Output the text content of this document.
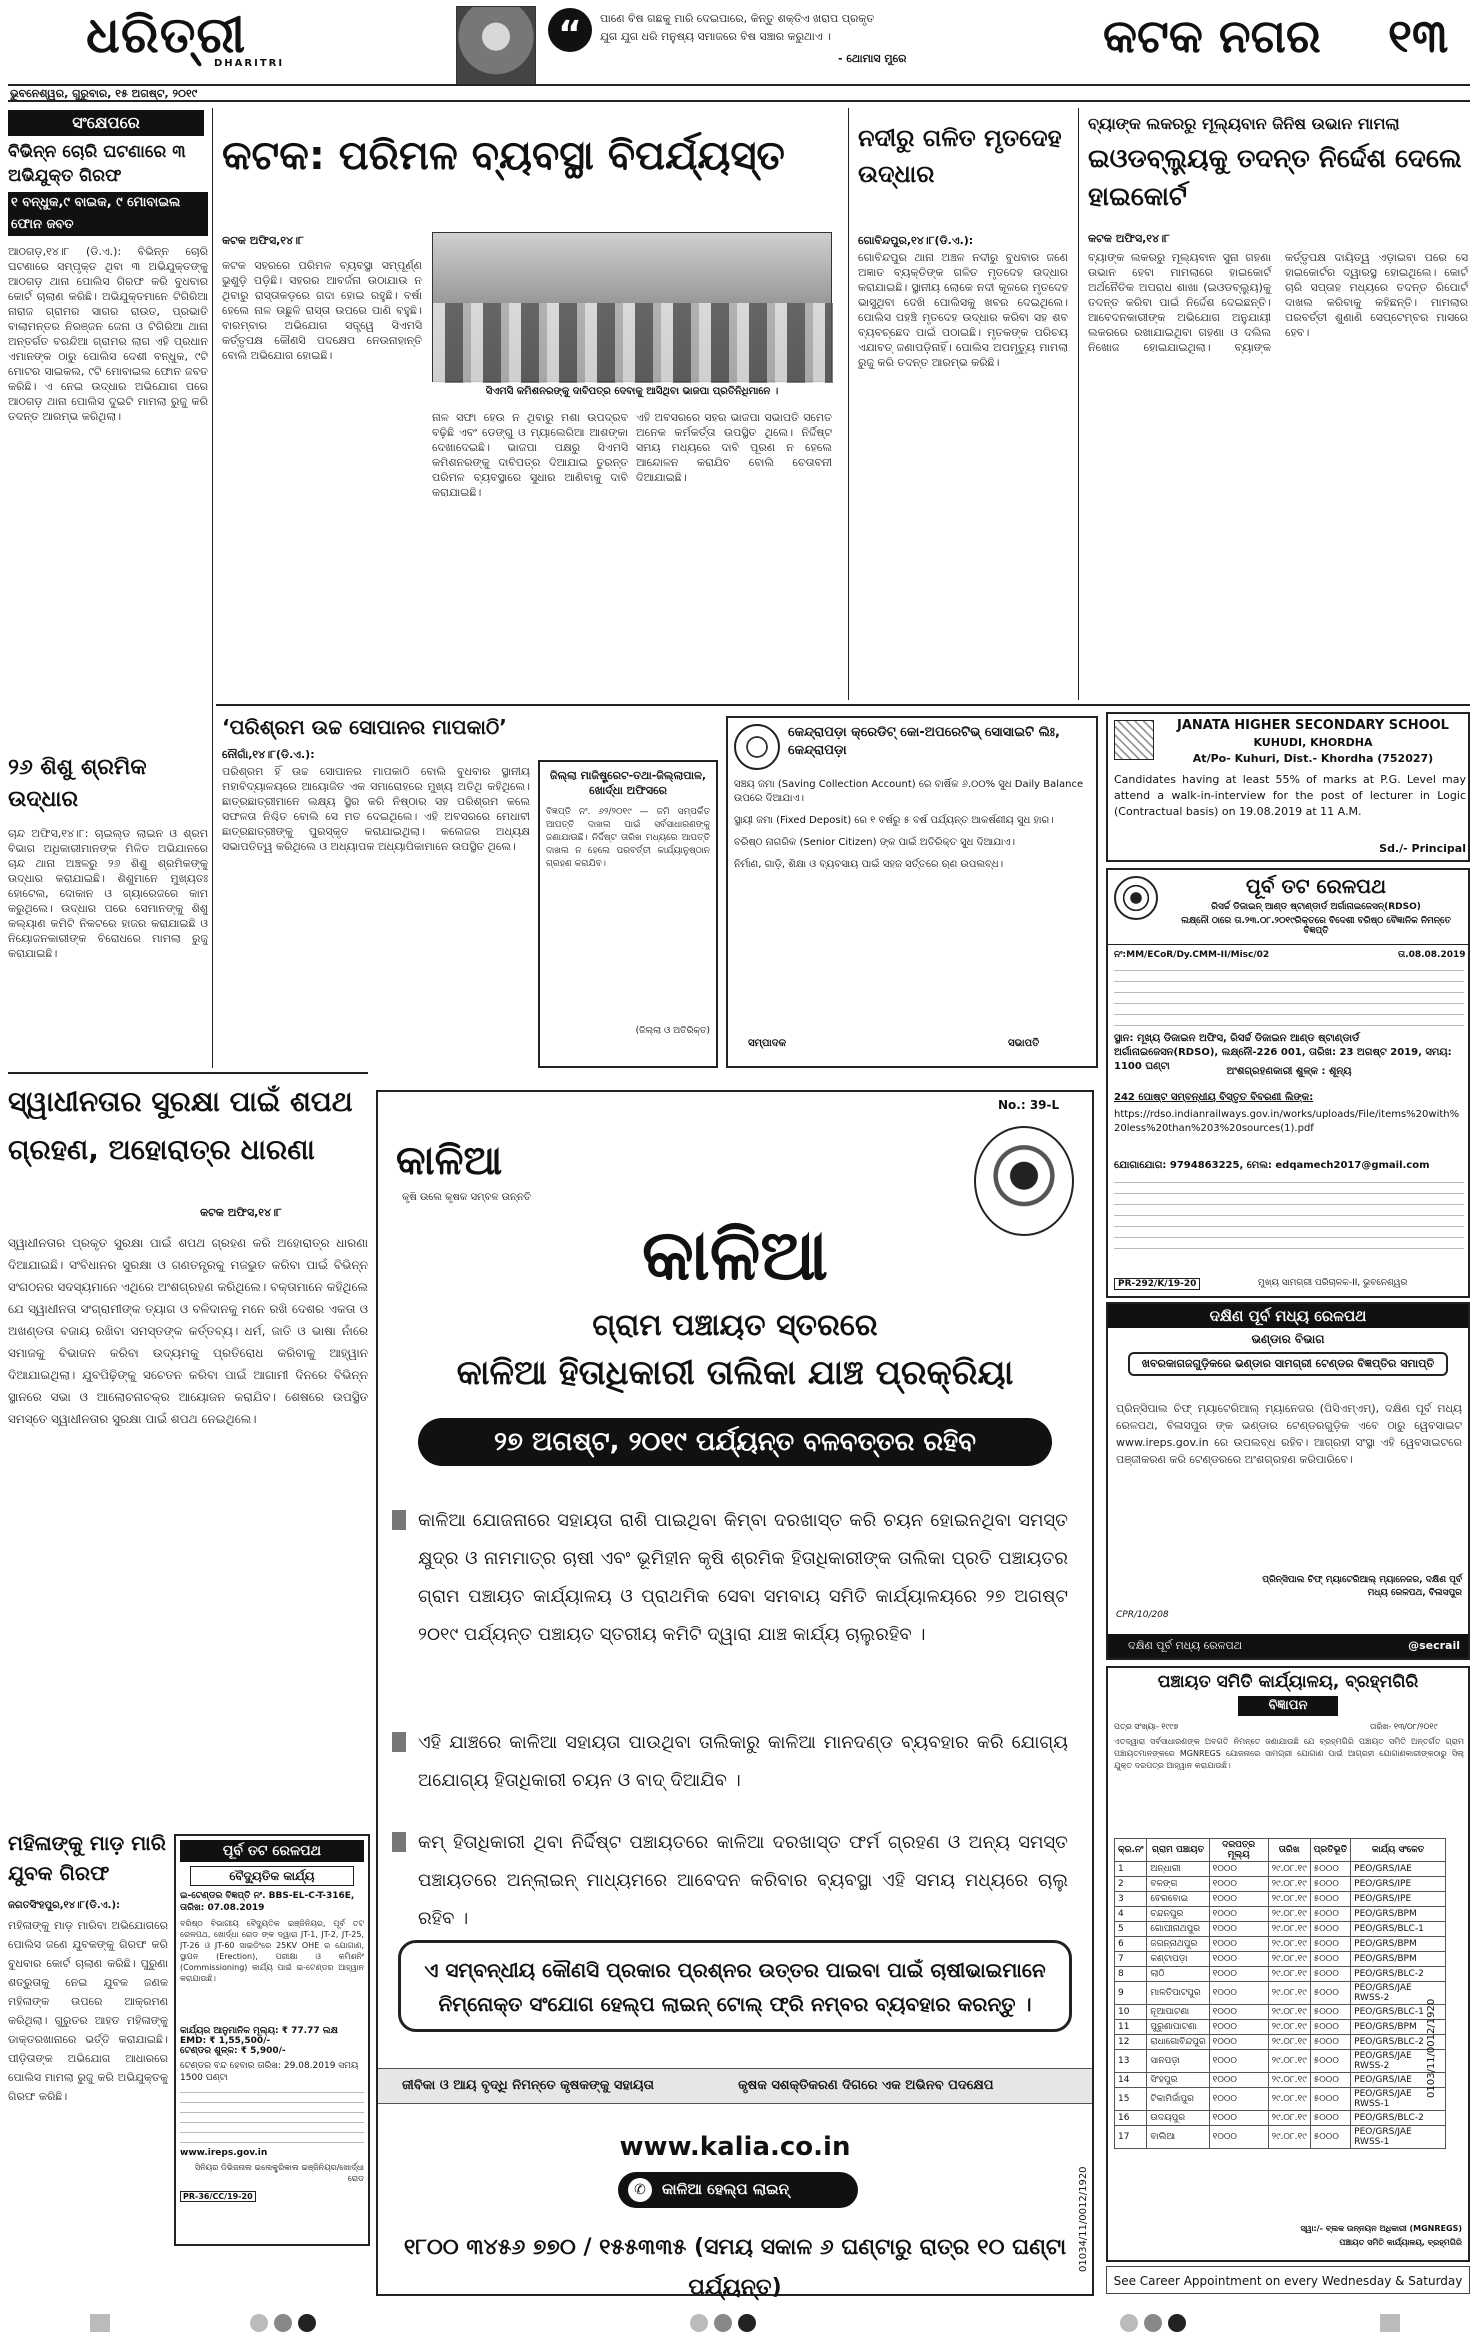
ଧରିତ୍ରୀ
DHARITRI
“	ପାଣେ ବିଷ ଗଛକୁ ମାରି ଦେଇପାରେ, କିନ୍ତୁ ଶକ୍ତିଏ ଖରାପ ପ୍ରକୃତ
ଯୁଗ ଯୁଗ ଧରି ମନୁଷ୍ୟ ସମାଜରେ ବିଷ ସଞ୍ଚାର କରୁଥାଏ ।
- ଥୋମାସ ମୁରେ	କଟକ ନଗର ୧୩
ଭୁବନେଶ୍ୱର, ଗୁରୁବାର, ୧୫ ଅଗଷ୍ଟ, ୨୦୧୯
ସଂକ୍ଷେପରେ
ବିଭିନ୍ନ ଚୋରି ଘଟଣାରେ ୩ ଅଭିଯୁକ୍ତ ଗିରଫ
୧ ବନ୍ଧୁକ,୯ ବାଇକ, ୯ ମୋବାଇଲ ଫୋନ ଜବତ
ଆଠଗଡ଼,୧୪।୮ (ଡି.ଏ.): ବିଭିନ୍ନ ଚୋରି ଘଟଣାରେ ସମ୍ପୃକ୍ତ ଥିବା ୩ ଅଭିଯୁକ୍ତଙ୍କୁ ଆଠଗଡ଼ ଥାନା ପୋଲିସ ଗିରଫ କରି ବୁଧବାର କୋର୍ଟ ଚାଲାଣ କରିଛି। ଅଭିଯୁକ୍ତମାନେ ଟିଗିରିଆ ନାରାଜ ଗ୍ରାମର ସାଗର ରାଉତ, ପ୍ରଭାତି ବାଲାମନ୍ତର ନିରଞ୍ଜନ ଜେନା ଓ ଟିଗିରିଆ ଥାନା ଅନ୍ତର୍ଗତ ବରନ୍ଦିଆ ଗ୍ରାମର ଲାଗ ଏହି ପ୍ରଧାନ ଏମାନଙ୍କ ଠାରୁ ପୋଲିସ ଦେଶୀ ବନ୍ଧୁକ, ୯ଟି ମୋଟର ସାଇକଲ, ୯ଟି ମୋବାଇଲ ଫୋନ ଜବତ କରିଛି। ଏ ନେଇ ଉଦ୍ଧାର ଅଭିଯୋଗ ପରେ ଆଠଗଡ଼ ଥାନା ପୋଲିସ ଦୁଇଟି ମାମଲା ରୁଜୁ କରି ତଦନ୍ତ ଆରମ୍ଭ କରିଥିଲା।
୨୬ ଶିଶୁ ଶ୍ରମିକ ଉଦ୍ଧାର
ଚାନ୍ଦ ଅଫିସ,୧୪।୮: ଚାଇଲ୍ଡ ଲାଇନ ଓ ଶ୍ରମ ବିଭାଗ ଅଧିକାରୀମାନଙ୍କ ମିଳିତ ଅଭିଯାନରେ ଚାନ୍ଦ ଥାନା ଅଞ୍ଚଳରୁ ୨୬ ଶିଶୁ ଶ୍ରମିକଙ୍କୁ ଉଦ୍ଧାର କରାଯାଇଛି। ଶିଶୁମାନେ ମୁଖ୍ୟତଃ ହୋଟେଲ, ଦୋକାନ ଓ ଗ୍ୟାରେଜରେ କାମ କରୁଥିଲେ। ଉଦ୍ଧାର ପରେ ସେମାନଙ୍କୁ ଶିଶୁ କଲ୍ୟାଣ କମିଟି ନିକଟରେ ହାଜର କରାଯାଇଛି ଓ ନିୟୋଜନକାରୀଙ୍କ ବିରୋଧରେ ମାମଲା ରୁଜୁ କରାଯାଇଛି।
କଟକ: ପରିମଳ ବ୍ୟବସ୍ଥା ବିପର୍ଯ୍ୟସ୍ତ
କଟକ ଅଫିସ,୧୪।୮
ସିଏମସି କମିଶନରଙ୍କୁ ଦାବିପତ୍ର ଦେବାକୁ ଆସିଥିବା ଭାଜପା ପ୍ରତିନିଧିମାନେ ।
କଟକ ସହରରେ ପରିମଳ ବ୍ୟବସ୍ଥା ସମ୍ପୂର୍ଣ୍ଣ ଭୁଶୁଡ଼ି ପଡ଼ିଛି। ସହରର ଆବର୍ଜନା ଉଠାଯାଉ ନ ଥିବାରୁ ରାସ୍ତାକଡ଼ରେ ଗଦା ହୋଇ ରହୁଛି। ବର୍ଷା ହେଲେ ନାଳ ଉଛୁଳି ରାସ୍ତା ଉପରେ ପାଣି ବହୁଛି। ବାରମ୍ବାର ଅଭିଯୋଗ ସତ୍ତ୍ୱେ ସିଏମସି କର୍ତ୍ତୃପକ୍ଷ କୌଣସି ପଦକ୍ଷେପ ନେଉନାହାନ୍ତି ବୋଲି ଅଭିଯୋଗ ହୋଇଛି।
ନାଳ ସଫା ହେଉ ନ ଥିବାରୁ ମଶା ଉପଦ୍ରବ ବଢ଼ିଛି ଏବଂ ଡେଙ୍ଗୁ ଓ ମ୍ୟାଲେରିଆ ଆଶଙ୍କା ଦେଖାଦେଇଛି। ଭାଜପା ପକ୍ଷରୁ ସିଏମସି କମିଶନରଙ୍କୁ ଦାବିପତ୍ର ଦିଆଯାଇ ତୁରନ୍ତ ପରିମଳ ବ୍ୟବସ୍ଥାରେ ସୁଧାର ଆଣିବାକୁ ଦାବି କରାଯାଇଛି।
ଏହି ଅବସରରେ ସହର ଭାଜପା ସଭାପତି ସମେତ ଅନେକ କର୍ମକର୍ତ୍ତା ଉପସ୍ଥିତ ଥିଲେ। ନିର୍ଦ୍ଦିଷ୍ଟ ସମୟ ମଧ୍ୟରେ ଦାବି ପୂରଣ ନ ହେଲେ ଆନ୍ଦୋଳନ କରାଯିବ ବୋଲି ଚେତାବନୀ ଦିଆଯାଇଛି।
ନଦୀରୁ ଗଳିତ ମୃତଦେହ ଉଦ୍ଧାର
ଗୋବିନ୍ଦପୁର,୧୪।୮(ଡି.ଏ.):
ଗୋବିନ୍ଦପୁର ଥାନା ଅଞ୍ଚଳ ନଦୀରୁ ବୁଧବାର ଜଣେ ଅଜ୍ଞାତ ବ୍ୟକ୍ତିଙ୍କ ଗଳିତ ମୃତଦେହ ଉଦ୍ଧାର କରାଯାଇଛି। ସ୍ଥାନୀୟ ଲୋକେ ନଦୀ କୂଳରେ ମୃତଦେହ ଭାସୁଥିବା ଦେଖି ପୋଲିସକୁ ଖବର ଦେଇଥିଲେ। ପୋଲିସ ପହଞ୍ଚି ମୃତଦେହ ଉଦ୍ଧାର କରିବା ସହ ଶବ ବ୍ୟବଚ୍ଛେଦ ପାଇଁ ପଠାଇଛି। ମୃତକଙ୍କ ପରିଚୟ ଏଯାବତ୍ ଜଣାପଡ଼ିନାହିଁ। ପୋଲିସ ଅପମୃତ୍ୟୁ ମାମଲା ରୁଜୁ କରି ତଦନ୍ତ ଆରମ୍ଭ କରିଛି।
ବ୍ୟାଙ୍କ ଲକରରୁ ମୂଲ୍ୟବାନ ଜିନିଷ ଉଭାନ ମାମଲା
ଇଓଡବ୍ଲ୍ୟୁକୁ ତଦନ୍ତ ନିର୍ଦ୍ଦେଶ ଦେଲେ ହାଇକୋର୍ଟ
କଟକ ଅଫିସ,୧୪।୮
ବ୍ୟାଙ୍କ ଲକରରୁ ମୂଲ୍ୟବାନ ସୁନା ଗହଣା ଉଭାନ ହେବା ମାମଲାରେ ହାଇକୋର୍ଟ ଅର୍ଥନୈତିକ ଅପରାଧ ଶାଖା (ଇଓଡବ୍ଲ୍ୟୁ)କୁ ତଦନ୍ତ କରିବା ପାଇଁ ନିର୍ଦ୍ଦେଶ ଦେଇଛନ୍ତି। ଆବେଦନକାରୀଙ୍କ ଅଭିଯୋଗ ଅନୁଯାୟୀ ଲକରରେ ରଖାଯାଇଥିବା ଗହଣା ଓ ଦଲିଲ ନିଖୋଜ ହୋଇଯାଇଥିଲା। ବ୍ୟାଙ୍କ କର୍ତ୍ତୃପକ୍ଷ ଦାୟିତ୍ୱ ଏଡ଼ାଇବା ପରେ ସେ ହାଇକୋର୍ଟର ଦ୍ୱାରସ୍ଥ ହୋଇଥିଲେ। କୋର୍ଟ ଚାରି ସପ୍ତାହ ମଧ୍ୟରେ ତଦନ୍ତ ରିପୋର୍ଟ ଦାଖଲ କରିବାକୁ କହିଛନ୍ତି। ମାମଲାର ପରବର୍ତ୍ତୀ ଶୁଣାଣି ସେପ୍ଟେମ୍ବର ମାସରେ ହେବ।
‘ପରିଶ୍ରମ ଉଚ୍ଚ ସୋପାନର ମାପକାଠି’
ନୌଗାଁ,୧୪।୮(ଡି.ଏ.):
ପରିଶ୍ରମ ହିଁ ଉଚ୍ଚ ସୋପାନର ମାପକାଠି ବୋଲି ବୁଧବାର ସ୍ଥାନୀୟ ମହାବିଦ୍ୟାଳୟରେ ଆୟୋଜିତ ଏକ ସମାରୋହରେ ମୁଖ୍ୟ ଅତିଥି କହିଥିଲେ। ଛାତ୍ରଛାତ୍ରୀମାନେ ଲକ୍ଷ୍ୟ ସ୍ଥିର କରି ନିଷ୍ଠାର ସହ ପରିଶ୍ରମ କଲେ ସଫଳତା ନିଶ୍ଚିତ ବୋଲି ସେ ମତ ଦେଇଥିଲେ। ଏହି ଅବସରରେ ମେଧାବୀ ଛାତ୍ରଛାତ୍ରୀଙ୍କୁ ପୁରସ୍କୃତ କରାଯାଇଥିଲା। କଲେଜର ଅଧ୍ୟକ୍ଷ ସଭାପତିତ୍ୱ କରିଥିଲେ ଓ ଅଧ୍ୟାପକ ଅଧ୍ୟାପିକାମାନେ ଉପସ୍ଥିତ ଥିଲେ।
ଜିଲ୍ଲା ମାଜିଷ୍ଟ୍ରେଟ-ତଥା-ଜିଲ୍ଲାପାଳ, ଖୋର୍ଦ୍ଧା ଅଫିସରେ
ବିଜ୍ଞପ୍ତି ନଂ. ୬୨/୨୦୧୯ — ଜମି ସମ୍ପର୍କିତ ଆପତ୍ତି ଦାଖଲ ପାଇଁ ସର୍ବସାଧାରଣଙ୍କୁ ଜଣାଯାଉଛି। ନିର୍ଦ୍ଦିଷ୍ଟ ତାରିଖ ମଧ୍ୟରେ ଆପତ୍ତି ଦାଖଲ ନ ହେଲେ ପରବର୍ତ୍ତୀ କାର୍ଯ୍ୟାନୁଷ୍ଠାନ ଗ୍ରହଣ କରାଯିବ।
(ଜିଲ୍ଲା ଓ ଅତିରିକ୍ତ)
କେନ୍ଦ୍ରାପଡ଼ା କ୍ରେଡିଟ୍ କୋ-ଅପରେଟିଭ୍ ସୋସାଇଟି ଲିଃ, କେନ୍ଦ୍ରାପଡ଼ା
ସଞ୍ଚୟ ଜମା (Saving Collection Account) ରେ ବାର୍ଷିକ ୬.୦୦% ସୁଧ Daily Balance ଉପରେ ଦିଆଯାଏ।
ସ୍ଥାୟୀ ଜମା (Fixed Deposit) ରେ ୧ ବର୍ଷରୁ ୫ ବର୍ଷ ପର୍ଯ୍ୟନ୍ତ ଆକର୍ଷଣୀୟ ସୁଧ ହାର।
ବରିଷ୍ଠ ନାଗରିକ (Senior Citizen) ଙ୍କ ପାଇଁ ଅତିରିକ୍ତ ସୁଧ ଦିଆଯାଏ।
ନିର୍ମାଣ, ଗାଡ଼ି, ଶିକ୍ଷା ଓ ବ୍ୟବସାୟ ପାଇଁ ସହଜ ସର୍ତ୍ତରେ ଋଣ ଉପଲବ୍ଧ।
ସମ୍ପାଦକ	ସଭାପତି
JANATA HIGHER SECONDARY SCHOOL
KUHUDI, KHORDHA
At/Po- Kuhuri, Dist.- Khordha (752027)
Candidates having at least 55% of marks at P.G. Level may attend a walk-in-interview for the post of lecturer in Logic (Contractual basis) on 19.08.2019 at 11 A.M.
Sd./- Principal
ପୂର୍ବ ତଟ ରେଳପଥ
ରିସର୍ଚ୍ଚ ଡିଜାଇନ୍ ଆଣ୍ଡ ଷ୍ଟାଣ୍ଡାର୍ଡ ଅର୍ଗାନାଇଜେସନ୍(RDSO)
ଲକ୍ଷ୍ନୌ ଠାରେ ତା.୨୩.୦୮.୨୦୧୯ରିକ୍ତରେ ବିଦେଶୀ ବରିଷ୍ଠ ବୈଜ୍ଞାନିକ ନିମନ୍ତେ ବିଜ୍ଞପ୍ତି
ନଂ:MM/ECoR/Dy.CMM-II/Misc/02	ତା.08.08.2019
ସ୍ଥାନ: ମୂଖ୍ୟ ଡିଜାଇନ ଅଫିସ, ରିସର୍ଚ୍ଚ ଡିଜାଇନ ଆଣ୍ଡ ଷ୍ଟାଣ୍ଡାର୍ଡ ଅର୍ଗାନାଇଜେସନ(RDSO), ଲକ୍ଷ୍ନୌ-226 001, ତାରିଖ: 23 ଅଗଷ୍ଟ 2019, ସମୟ: 1100 ଘଣ୍ଟା	ଅଂଶଗ୍ରହଣକାରୀ ଶୁଳ୍କ : ଶୂନ୍ୟ
242 ପୋଷ୍ଟ ସମ୍ବନ୍ଧୀୟ ବିସ୍ତୃତ ବିବରଣୀ ଲିଙ୍କ:
https://rdso.indianrailways.gov.in/works/uploads/File/items%20with%20less%20than%203%20sources(1).pdf
ଯୋଗାଯୋଗ: 9794863225, ମେଲ: edqamech2017@gmail.com
PR-292/K/19-20	ମୁଖ୍ୟ ସାମଗ୍ରୀ ପରିଚାଳକ-II, ଭୁବନେଶ୍ୱର
ଦକ୍ଷିଣ ପୂର୍ବ ମଧ୍ୟ ରେଳପଥ
ଭଣ୍ଡାର ବିଭାଗ
ଖବରକାଗଜଗୁଡ଼ିକରେ ଭଣ୍ଡାର ସାମଗ୍ରୀ ଟେଣ୍ଡର ବିଜ୍ଞପ୍ତିର ସମାପ୍ତି
ପ୍ରିନ୍ସିପାଲ ଚିଫ୍ ମ୍ୟାଟେରିଆଲ୍ ମ୍ୟାନେଜର (ପିସିଏମ୍ଏମ୍), ଦକ୍ଷିଣ ପୂର୍ବ ମଧ୍ୟ ରେଳପଥ, ବିଳାସପୁର ଙ୍କ ଭଣ୍ଡାର ଟେଣ୍ଡରଗୁଡ଼ିକ ଏବେ ଠାରୁ ୱେବସାଇଟ www.ireps.gov.in ରେ ଉପଲବ୍ଧ ରହିବ। ଆଗ୍ରହୀ ସଂସ୍ଥା ଏହି ୱେବସାଇଟରେ ପଞ୍ଜୀକରଣ କରି ଟେଣ୍ଡରରେ ଅଂଶଗ୍ରହଣ କରିପାରିବେ।
ପ୍ରିନ୍ସିପାଲ ଚିଫ୍ ମ୍ୟାଟେରିଆଲ୍ ମ୍ୟାନେଜର, ଦକ୍ଷିଣ ପୂର୍ବ ମଧ୍ୟ ରେଳପଥ, ବିଳାସପୁର
CPR/10/208
ଦକ୍ଷିଣ ପୂର୍ବ ମଧ୍ୟ ରେଳପଥ	@secrail
ପଞ୍ଚାୟତ ସମିତି କାର୍ଯ୍ୟାଳୟ, ବ୍ରହ୍ମଗିରି
ବିଜ୍ଞାପନ
ପତ୍ର ସଂଖ୍ୟା- ୧୯୯୭	ତାରିଖ- ୧୩/୦୮/୨୦୧୯
ଏତଦ୍ୱାରା ସର୍ବସାଧାରଣଙ୍କ ଅବଗତି ନିମନ୍ତେ ଜଣାଯାଉଛି ଯେ ବ୍ରହ୍ମଗିରି ପଞ୍ଚାୟତ ସମିତି ଅନ୍ତର୍ଗତ ଗ୍ରାମ ପଞ୍ଚାୟତମାନଙ୍କରେ MGNREGS ଯୋଜନାରେ ସାମଗ୍ରୀ ଯୋଗାଣ ପାଇଁ ଆଗ୍ରହୀ ଯୋଗାଣକାରୀଙ୍କଠାରୁ ସିଲ୍ ଯୁକ୍ତ ଦରପତ୍ର ଆହ୍ୱାନ କରାଯାଉଛି।
କ୍ର.ନଂ	ଗ୍ରାମ ପଞ୍ଚାୟତ	ଦରପତ୍ର ମୂଲ୍ୟ	ତାରିଖ	ପ୍ରତିଭୂତି	କାର୍ଯ୍ୟ ସଂକେତ
1	ଅନ୍ଧାରୀ	୧୦୦୦	୨୯.୦୮.୧୯	୫୦୦୦	PEO/GRS/IAE
2	ବଳଙ୍ଗ	୧୦୦୦	୨୯.୦୮.୧୯	୫୦୦୦	PEO/GRS/IPE
3	ବେରବୋଇ	୧୦୦୦	୨୯.୦୮.୧୯	୫୦୦୦	PEO/GRS/IPE
4	ଚନ୍ଦନପୁର	୧୦୦୦	୨୯.୦୮.୧୯	୫୦୦୦	PEO/GRS/BPM
5	ଗୋପୀନାଥପୁର	୧୦୦୦	୨୯.୦୮.୧୯	୫୦୦୦	PEO/GRS/BLC-1
6	ଜଗନ୍ନାଥପୁର	୧୦୦୦	୨୯.୦୮.୧୯	୫୦୦୦	PEO/GRS/BPM
7	କଣ୍ଟାପଡ଼ା	୧୦୦୦	୨୯.୦୮.୧୯	୫୦୦୦	PEO/GRS/BPM
8	ଲାଠି	୧୦୦୦	୨୯.୦୮.୧୯	୫୦୦୦	PEO/GRS/BLC-2
9	ମାଳତିପାଟପୁର	୧୦୦୦	୨୯.୦୮.୧୯	୫୦୦୦	PEO/GRS/JAE RWSS-2
10	ନୂଆପାଟଣା	୧୦୦୦	୨୯.୦୮.୧୯	୫୦୦୦	PEO/GRS/BLC-1
11	ପୁରୁଣାପାଟଣା	୧୦୦୦	୨୯.୦୮.୧୯	୫୦୦୦	PEO/GRS/BPM
12	ରାଧାଗୋବିନ୍ଦପୁର	୧୦୦୦	୨୯.୦୮.୧୯	୫୦୦୦	PEO/GRS/BLC-2
13	ସାନପଡ଼ା	୧୦୦୦	୨୯.୦୮.୧୯	୫୦୦୦	PEO/GRS/JAE RWSS-2
14	ସିଂହପୁର	୧୦୦୦	୨୯.୦୮.୧୯	୫୦୦୦	PEO/GRS/IAE
15	ଟିକାମିର୍ଜାପୁର	୧୦୦୦	୨୯.୦୮.୧୯	୫୦୦୦	PEO/GRS/JAE RWSS-1
16	ଉଦୟପୁର	୧୦୦୦	୨୯.୦୮.୧୯	୫୦୦୦	PEO/GRS/BLC-2
17	ବାଲିଆ	୧୦୦୦	୨୯.୦୮.୧୯	୫୦୦୦	PEO/GRS/JAE RWSS-1
0103/11/0012/1920
ସ୍ୱା:/- ବ୍ଲକ ଉନ୍ନୟନ ଅଧିକାରୀ (MGNREGS)
ପଞ୍ଚାୟତ ସମିତି କାର୍ଯ୍ୟାଳୟ, ବ୍ରହ୍ମଗିରି
See Career Appointment on every Wednesday & Saturday
ସ୍ୱାଧୀନତାର ସୁରକ୍ଷା ପାଇଁ ଶପଥ
ଗ୍ରହଣ, ଅହୋରାତ୍ର ଧାରଣା
କଟକ ଅଫିସ,୧୪।୮
ସ୍ୱାଧୀନତାର ପ୍ରକୃତ ସୁରକ୍ଷା ପାଇଁ ଶପଥ ଗ୍ରହଣ କରି ଅହୋରାତ୍ର ଧାରଣା ଦିଆଯାଇଛି। ସଂବିଧାନର ସୁରକ୍ଷା ଓ ଗଣତନ୍ତ୍ରକୁ ମଜଭୁତ କରିବା ପାଇଁ ବିଭିନ୍ନ ସଂଗଠନର ସଦସ୍ୟମାନେ ଏଥିରେ ଅଂଶଗ୍ରହଣ କରିଥିଲେ। ବକ୍ତାମାନେ କହିଥିଲେ ଯେ ସ୍ୱାଧୀନତା ସଂଗ୍ରାମୀଙ୍କ ତ୍ୟାଗ ଓ ବଳିଦାନକୁ ମନେ ରଖି ଦେଶର ଏକତା ଓ ଅଖଣ୍ଡତା ବଜାୟ ରଖିବା ସମସ୍ତଙ୍କ କର୍ତ୍ତବ୍ୟ। ଧର୍ମ, ଜାତି ଓ ଭାଷା ନାଁରେ ସମାଜକୁ ବିଭାଜନ କରିବା ଉଦ୍ୟମକୁ ପ୍ରତିରୋଧ କରିବାକୁ ଆହ୍ୱାନ ଦିଆଯାଇଥିଲା। ଯୁବପିଢ଼ିଙ୍କୁ ସଚେତନ କରିବା ପାଇଁ ଆଗାମୀ ଦିନରେ ବିଭିନ୍ନ ସ୍ଥାନରେ ସଭା ଓ ଆଲୋଚନାଚକ୍ର ଆୟୋଜନ କରାଯିବ। ଶେଷରେ ଉପସ୍ଥିତ ସମସ୍ତେ ସ୍ୱାଧୀନତାର ସୁରକ୍ଷା ପାଇଁ ଶପଥ ନେଇଥିଲେ।
ମହିଳାଙ୍କୁ ମାଡ଼ ମାରି ଯୁବକ ଗିରଫ
ଜଗତସିଂହପୁର,୧୪।୮(ଡି.ଏ.):
ମହିଳାଙ୍କୁ ମାଡ଼ ମାରିବା ଅଭିଯୋଗରେ ପୋଲିସ ଜଣେ ଯୁବକଙ୍କୁ ଗିରଫ କରି ବୁଧବାର କୋର୍ଟ ଚାଲାଣ କରିଛି। ପୁରୁଣା ଶତ୍ରୁତାକୁ ନେଇ ଯୁବକ ଜଣକ ମହିଳାଙ୍କ ଉପରେ ଆକ୍ରମଣ କରିଥିଲା। ଗୁରୁତର ଆହତ ମହିଳାଙ୍କୁ ଡାକ୍ତରଖାନାରେ ଭର୍ତ୍ତି କରାଯାଇଛି। ପୀଡ଼ିତାଙ୍କ ଅଭିଯୋଗ ଆଧାରରେ ପୋଲିସ ମାମଲା ରୁଜୁ କରି ଅଭିଯୁକ୍ତକୁ ଗିରଫ କରିଛି।
ପୂର୍ବ ତଟ ରେଳପଥ
ବୈଦ୍ୟୁତିକ କାର୍ଯ୍ୟ
ଇ-ଟେଣ୍ଡର ବିଜ୍ଞପ୍ତି ନଂ. BBS-EL-C-T-316E, ତାରିଖ: 07.08.2019
ବରିଷ୍ଠ ବିଭାଗୀୟ ବୈଦ୍ୟୁତିକ ଇଞ୍ଜିନିୟର, ପୂର୍ବ ତଟ ରେଳପଥ, ଖୋର୍ଦ୍ଧା ରୋଡ ଙ୍କ ଦ୍ୱାରା JT-1, JT-2, JT-25, JT-26 ଓ JT-60 ସାଇଡିଂରେ 25KV OHE ର ଯୋଗାଣ, ସ୍ଥାପନ (Erection), ପରୀକ୍ଷା ଓ କମିଶନିଂ (Commissioning) କାର୍ଯ୍ୟ ପାଇଁ ଇ-ଟେଣ୍ଡର ଆହ୍ୱାନ କରାଯାଉଛି।
କାର୍ଯ୍ୟର ଆନୁମାନିକ ମୂଲ୍ୟ: ₹ 77.77 ଲକ୍ଷ
EMD: ₹ 1,55,500/-
ଟେଣ୍ଡର ଶୁଳ୍କ: ₹ 5,900/-
ଟେଣ୍ଡର ବନ୍ଦ ହେବାର ତାରିଖ: 29.08.2019 ସମୟ 1500 ଘଣ୍ଟା
www.ireps.gov.in
ସିନିୟର ଡିଭିଜନାଲ ଇଲେକ୍ଟ୍ରିକାଲ ଇଞ୍ଜିନିୟର/ଖୋର୍ଦ୍ଧା ରୋଡ
PR-36/CC/19-20
No.: 39-L
କାଳିଆ
କୃଷି ଉଲେ କୃଷକ ସମ୍ବଳ ଉନ୍ନତି
କାଳିଆ
ଗ୍ରାମ ପଞ୍ଚାୟତ ସ୍ତରରେ
କାଳିଆ ହିତାଧିକାରୀ ତାଲିକା ଯାଞ୍ଚ ପ୍ରକ୍ରିୟା
୨୭ ଅଗଷ୍ଟ, ୨୦୧୯ ପର୍ଯ୍ୟନ୍ତ ବଳବତ୍ତର ରହିବ
କାଳିଆ ଯୋଜନାରେ ସହାୟତା ରାଶି ପାଇଥିବା କିମ୍ବା ଦରଖାସ୍ତ କରି ଚୟନ ହୋଇନଥିବା ସମସ୍ତ କ୍ଷୁଦ୍ର ଓ ନାମମାତ୍ର ଚାଷୀ ଏବଂ ଭୂମିହୀନ କୃଷି ଶ୍ରମିକ ହିତାଧିକାରୀଙ୍କ ତାଲିକା ପ୍ରତି ପଞ୍ଚାୟତର ଗ୍ରାମ ପଞ୍ଚାୟତ କାର୍ଯ୍ୟାଳୟ ଓ ପ୍ରାଥମିକ ସେବା ସମବାୟ ସମିତି କାର୍ଯ୍ୟାଳୟରେ ୨୭ ଅଗଷ୍ଟ ୨୦୧୯ ପର୍ଯ୍ୟନ୍ତ ପଞ୍ଚାୟତ ସ୍ତରୀୟ କମିଟି ଦ୍ୱାରା ଯାଞ୍ଚ କାର୍ଯ୍ୟ ଚାଲୁରହିବ ।
ଏହି ଯାଞ୍ଚରେ କାଳିଆ ସହାୟତା ପାଉଥିବା ତାଲିକାରୁ କାଳିଆ ମାନଦଣ୍ଡ ବ୍ୟବହାର କରି ଯୋଗ୍ୟ ଅଯୋଗ୍ୟ ହିତାଧିକାରୀ ଚୟନ ଓ ବାଦ୍ ଦିଆଯିବ ।
କମ୍ ହିତାଧିକାରୀ ଥିବା ନିର୍ଦ୍ଦିଷ୍ଟ ପଞ୍ଚାୟତରେ କାଳିଆ ଦରଖାସ୍ତ ଫର୍ମ ଗ୍ରହଣ ଓ ଅନ୍ୟ ସମସ୍ତ ପଞ୍ଚାୟତରେ ଅନ୍‌ଲାଇନ୍ ମାଧ୍ୟମରେ ଆବେଦନ କରିବାର ବ୍ୟବସ୍ଥା ଏହି ସମୟ ମଧ୍ୟରେ ଚାଲୁ ରହିବ ।
ଏ ସମ୍ବନ୍ଧୀୟ କୌଣସି ପ୍ରକାର ପ୍ରଶ୍ନର ଉତ୍ତର ପାଇବା ପାଇଁ ଚାଷୀଭାଇମାନେ ନିମ୍ନୋକ୍ତ ସଂଯୋଗ ହେଲ୍ପ ଲାଇନ୍ ଟୋଲ୍ ଫ୍ରି ନମ୍ବର ବ୍ୟବହାର କରନ୍ତୁ ।
ଜୀବିକା ଓ ଆୟ ବୃଦ୍ଧି ନିମନ୍ତେ କୃଷକଙ୍କୁ ସହାୟତା	କୃଷକ ସଶକ୍ତିକରଣ ଦିଗରେ ଏକ ଅଭିନବ ପଦକ୍ଷେପ
www.kalia.co.in
✆	କାଳିଆ ହେଲ୍ପ ଲାଇନ୍
୧୮୦୦ ୩୪୫୬ ୭୭୦ / ୧୫୫୩୩୫ (ସମୟ ସକାଳ ୬ ଘଣ୍ଟାରୁ ରାତ୍ର ୧୦ ଘଣ୍ଟା ପର୍ଯ୍ୟନ୍ତ)
01034/11/0012/1920
